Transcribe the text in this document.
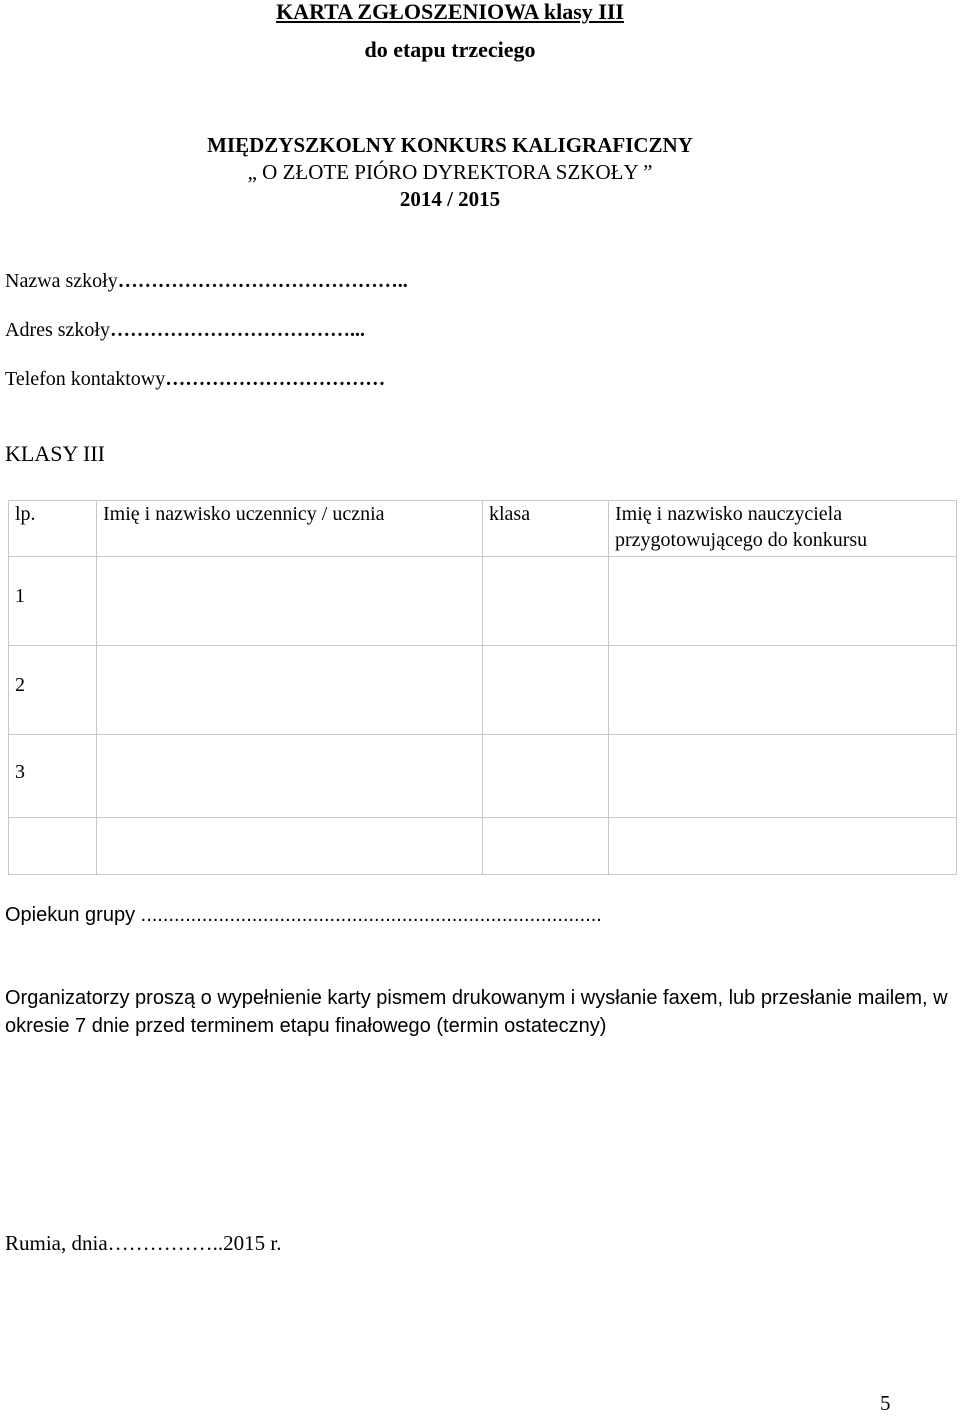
KARTA ZGŁOSZENIOWA klasy III
do etapu trzeciego
MIĘDZYSZKOLNY KONKURS KALIGRAFICZNY
„ O ZŁOTE PIÓRO DYREKTORA SZKOŁY ”
2014 / 2015
Nazwa szkoły……………………………………..
Adres szkoły………………………………...
Telefon kontaktowy……………………………
KLASY III
lp.	Imię i nazwisko uczennicy / ucznia	klasa	Imię i nazwisko nauczyciela przygotowującego do konkursu
1			
2			
3			

Opiekun grupy ...................................................................................
Organizatorzy proszą o wypełnienie karty pismem drukowanym i wysłanie faxem, lub przesłanie mailem, w okresie 7 dnie przed terminem etapu finałowego (termin ostateczny)
Rumia, dnia……………..2015 r.
5
